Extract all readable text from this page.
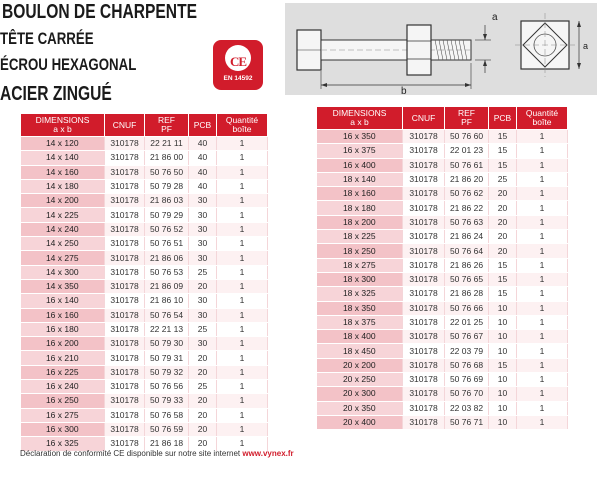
BOULON DE CHARPENTE
TÊTE CARRÉE
ÉCROU HEXAGONAL
ACIER ZINGUÉ
CE
EN 14592
b
a
a
DIMENSIONS
a x b	CNUF	REF
PF	PCB	Quantité
boîte
14 x 120	310178	22 21 11	40	1
14 x 140	310178	21 86 00	40	1
14 x 160	310178	50 76 50	40	1
14 x 180	310178	50 79 28	40	1
14 x 200	310178	21 86 03	30	1
14 x 225	310178	50 79 29	30	1
14 x 240	310178	50 76 52	30	1
14 x 250	310178	50 76 51	30	1
14 x 275	310178	21 86 06	30	1
14 x 300	310178	50 76 53	25	1
14 x 350	310178	21 86 09	20	1
16 x 140	310178	21 86 10	30	1
16 x 160	310178	50 76 54	30	1
16 x 180	310178	22 21 13	25	1
16 x 200	310178	50 79 30	30	1
16 x 210	310178	50 79 31	20	1
16 x 225	310178	50 79 32	20	1
16 x 240	310178	50 76 56	25	1
16 x 250	310178	50 79 33	20	1
16 x 275	310178	50 76 58	20	1
16 x 300	310178	50 76 59	20	1
16 x 325	310178	21 86 18	20	1
DIMENSIONS
a x b	CNUF	REF
PF	PCB	Quantité
boîte
16 x 350	310178	50 76 60	15	1
16 x 375	310178	22 01 23	15	1
16 x 400	310178	50 76 61	15	1
18 x 140	310178	21 86 20	25	1
18 x 160	310178	50 76 62	20	1
18 x 180	310178	21 86 22	20	1
18 x 200	310178	50 76 63	20	1
18 x 225	310178	21 86 24	20	1
18 x 250	310178	50 76 64	20	1
18 x 275	310178	21 86 26	15	1
18 x 300	310178	50 76 65	15	1
18 x 325	310178	21 86 28	15	1
18 x 350	310178	50 76 66	10	1
18 x 375	310178	22 01 25	10	1
18 x 400	310178	50 76 67	10	1
18 x 450	310178	22 03 79	10	1
20 x 200	310178	50 76 68	15	1
20 x 250	310178	50 76 69	10	1
20 x 300	310178	50 76 70	10	1
20 x 350	310178	22 03 82	10	1
20 x 400	310178	50 76 71	10	1
Déclaration de conformité CE disponible sur notre site internet www.vynex.fr
